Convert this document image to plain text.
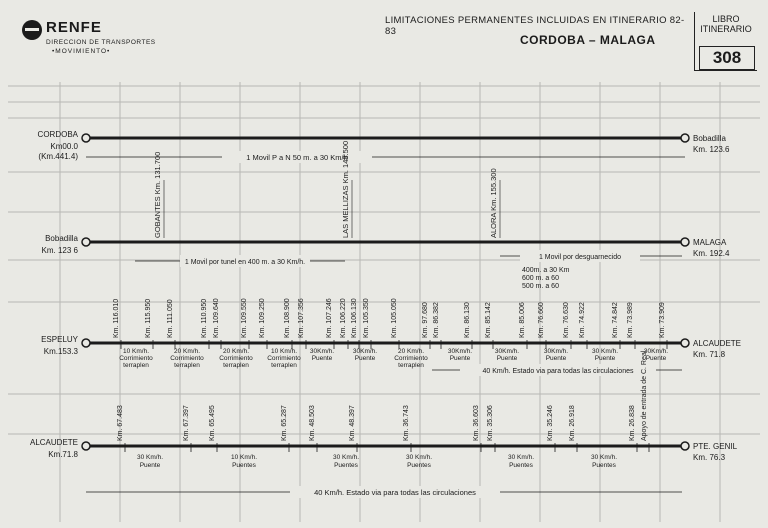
RENFE
DIRECCION DE TRANSPORTES
•MOVIMIENTO•
LIMITACIONES PERMANENTES INCLUIDAS EN ITINERARIO 82-83
CORDOBA – MALAGA
LIBRO
ITINERARIO
308
CORDOBA
Km00.0
(Km.441.4)
Bobadilla
Km. 123.6
Bobadilla
Km. 123 6
MALAGA
Km. 192.4
ESPELUY
Km.153.3
ALCAUDETE
Km. 71.8
ALCAUDETE
Km.71.8
PTE. GENIL
Km. 76.3
1 Movil P a N 50 m. a 30 Km/h
GOBANTES Km. 131.700	LAS MELLIZAS Km. 148.500	ALORA Km. 155.300
1 Movil por tunel en 400 m. a 30 Km/h.
1 Movil por desguarnecido
400m. a 30 Km
600 m. a 60
500 m. a 60
Km. 116.010	Km. 115.950 Km. 111.050	Km. 110.950 Km. 109.640	Km. 109.550 Km. 109.250	Km. 108.900 Km. 107.356	Km. 107.246 Km. 106.220 Km. 106.130 Km. 105.350	Km. 105.050	Km. 97.680 Km. 86.382	Km. 86.130 Km. 85.142	Km. 85.006 Km. 76.660	Km. 76.630 Km. 74.922	Km. 74.842 Km. 73.989	Km. 73.909
10 Km/h.
Corrimiento
terraplen
20 Km/h.
Corrimiento
terraplen
20 Km/h.
Corrimiento
terraplen
10 Km/h.
Corrimiento
terraplen
30Km/h.
Puente
30Km/h.
Puente
20 Km/h.
Corrimiento
terraplen
30Km/h.
Puente
30Km/h.
Puente
30Km/h.
Puente
30 Km/h.
Puente
30Km/h.
Puente
40 Km/h. Estado via para todas las circulaciones
Km. 67.483	Km. 67.397	Km. 65.495	Km. 65.287	Km. 48.503	Km. 48.397	Km. 36.743	Km. 36.603 Km. 35.306	Km. 35.246 Km. 26.918	Km. 26.838 Apoyo de entrada de C. Real
30 Km/h.
Puente
10 Km/h.
Puentes
30 Km/h.
Puentes
30 Km/h.
Puentes
30 Km/h.
Puentes
30 Km/h.
Puentes
40 Km/h. Estado via para todas las circulaciones
